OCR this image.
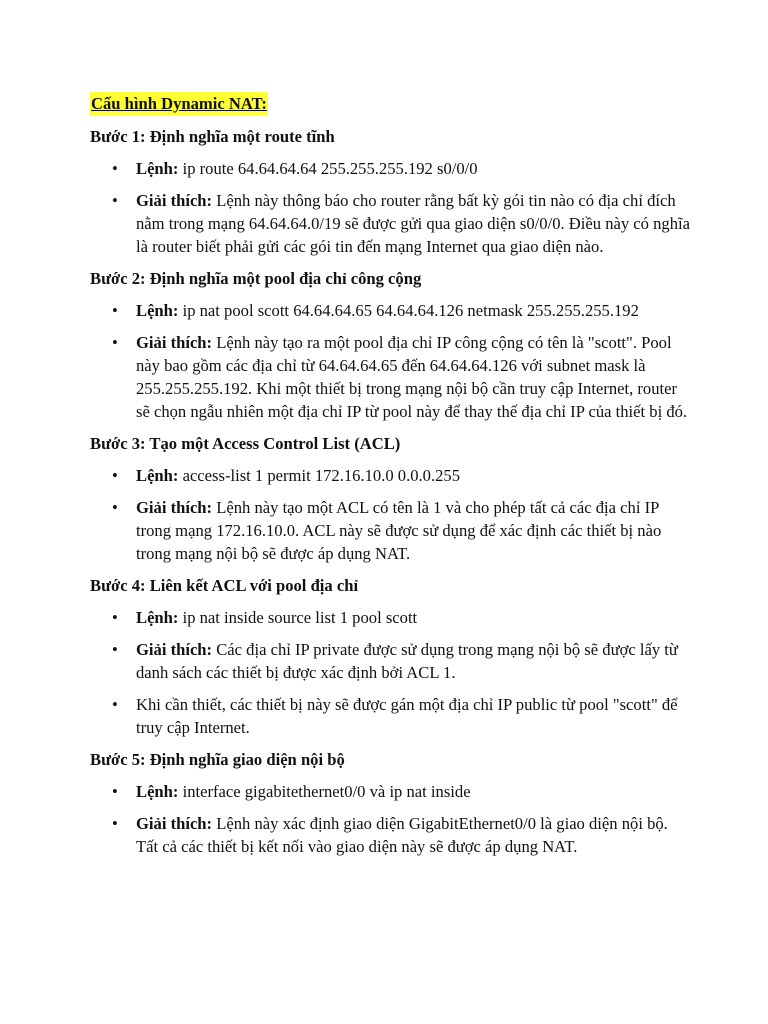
Cấu hình Dynamic NAT:
Bước 1: Định nghĩa một route tĩnh
• Lệnh: ip route 64.64.64.64 255.255.255.192 s0/0/0
• Giải thích: Lệnh này thông báo cho router rằng bất kỳ gói tin nào có địa chỉ đích nằm trong mạng 64.64.64.0/19 sẽ được gửi qua giao diện s0/0/0. Điều này có nghĩa là router biết phải gửi các gói tin đến mạng Internet qua giao diện nào.
Bước 2: Định nghĩa một pool địa chỉ công cộng
• Lệnh: ip nat pool scott 64.64.64.65 64.64.64.126 netmask 255.255.255.192
• Giải thích: Lệnh này tạo ra một pool địa chỉ IP công cộng có tên là "scott". Pool này bao gồm các địa chỉ từ 64.64.64.65 đến 64.64.64.126 với subnet mask là 255.255.255.192. Khi một thiết bị trong mạng nội bộ cần truy cập Internet, router sẽ chọn ngẫu nhiên một địa chỉ IP từ pool này để thay thế địa chỉ IP của thiết bị đó.
Bước 3: Tạo một Access Control List (ACL)
• Lệnh: access-list 1 permit 172.16.10.0 0.0.0.255
• Giải thích: Lệnh này tạo một ACL có tên là 1 và cho phép tất cả các địa chỉ IP trong mạng 172.16.10.0. ACL này sẽ được sử dụng để xác định các thiết bị nào trong mạng nội bộ sẽ được áp dụng NAT.
Bước 4: Liên kết ACL với pool địa chỉ
• Lệnh: ip nat inside source list 1 pool scott
• Giải thích: Các địa chỉ IP private được sử dụng trong mạng nội bộ sẽ được lấy từ danh sách các thiết bị được xác định bởi ACL 1.
• Khi cần thiết, các thiết bị này sẽ được gán một địa chỉ IP public từ pool "scott" để truy cập Internet.
Bước 5: Định nghĩa giao diện nội bộ
• Lệnh: interface gigabitethernet0/0 và ip nat inside
• Giải thích: Lệnh này xác định giao diện GigabitEthernet0/0 là giao diện nội bộ. Tất cả các thiết bị kết nối vào giao diện này sẽ được áp dụng NAT.
